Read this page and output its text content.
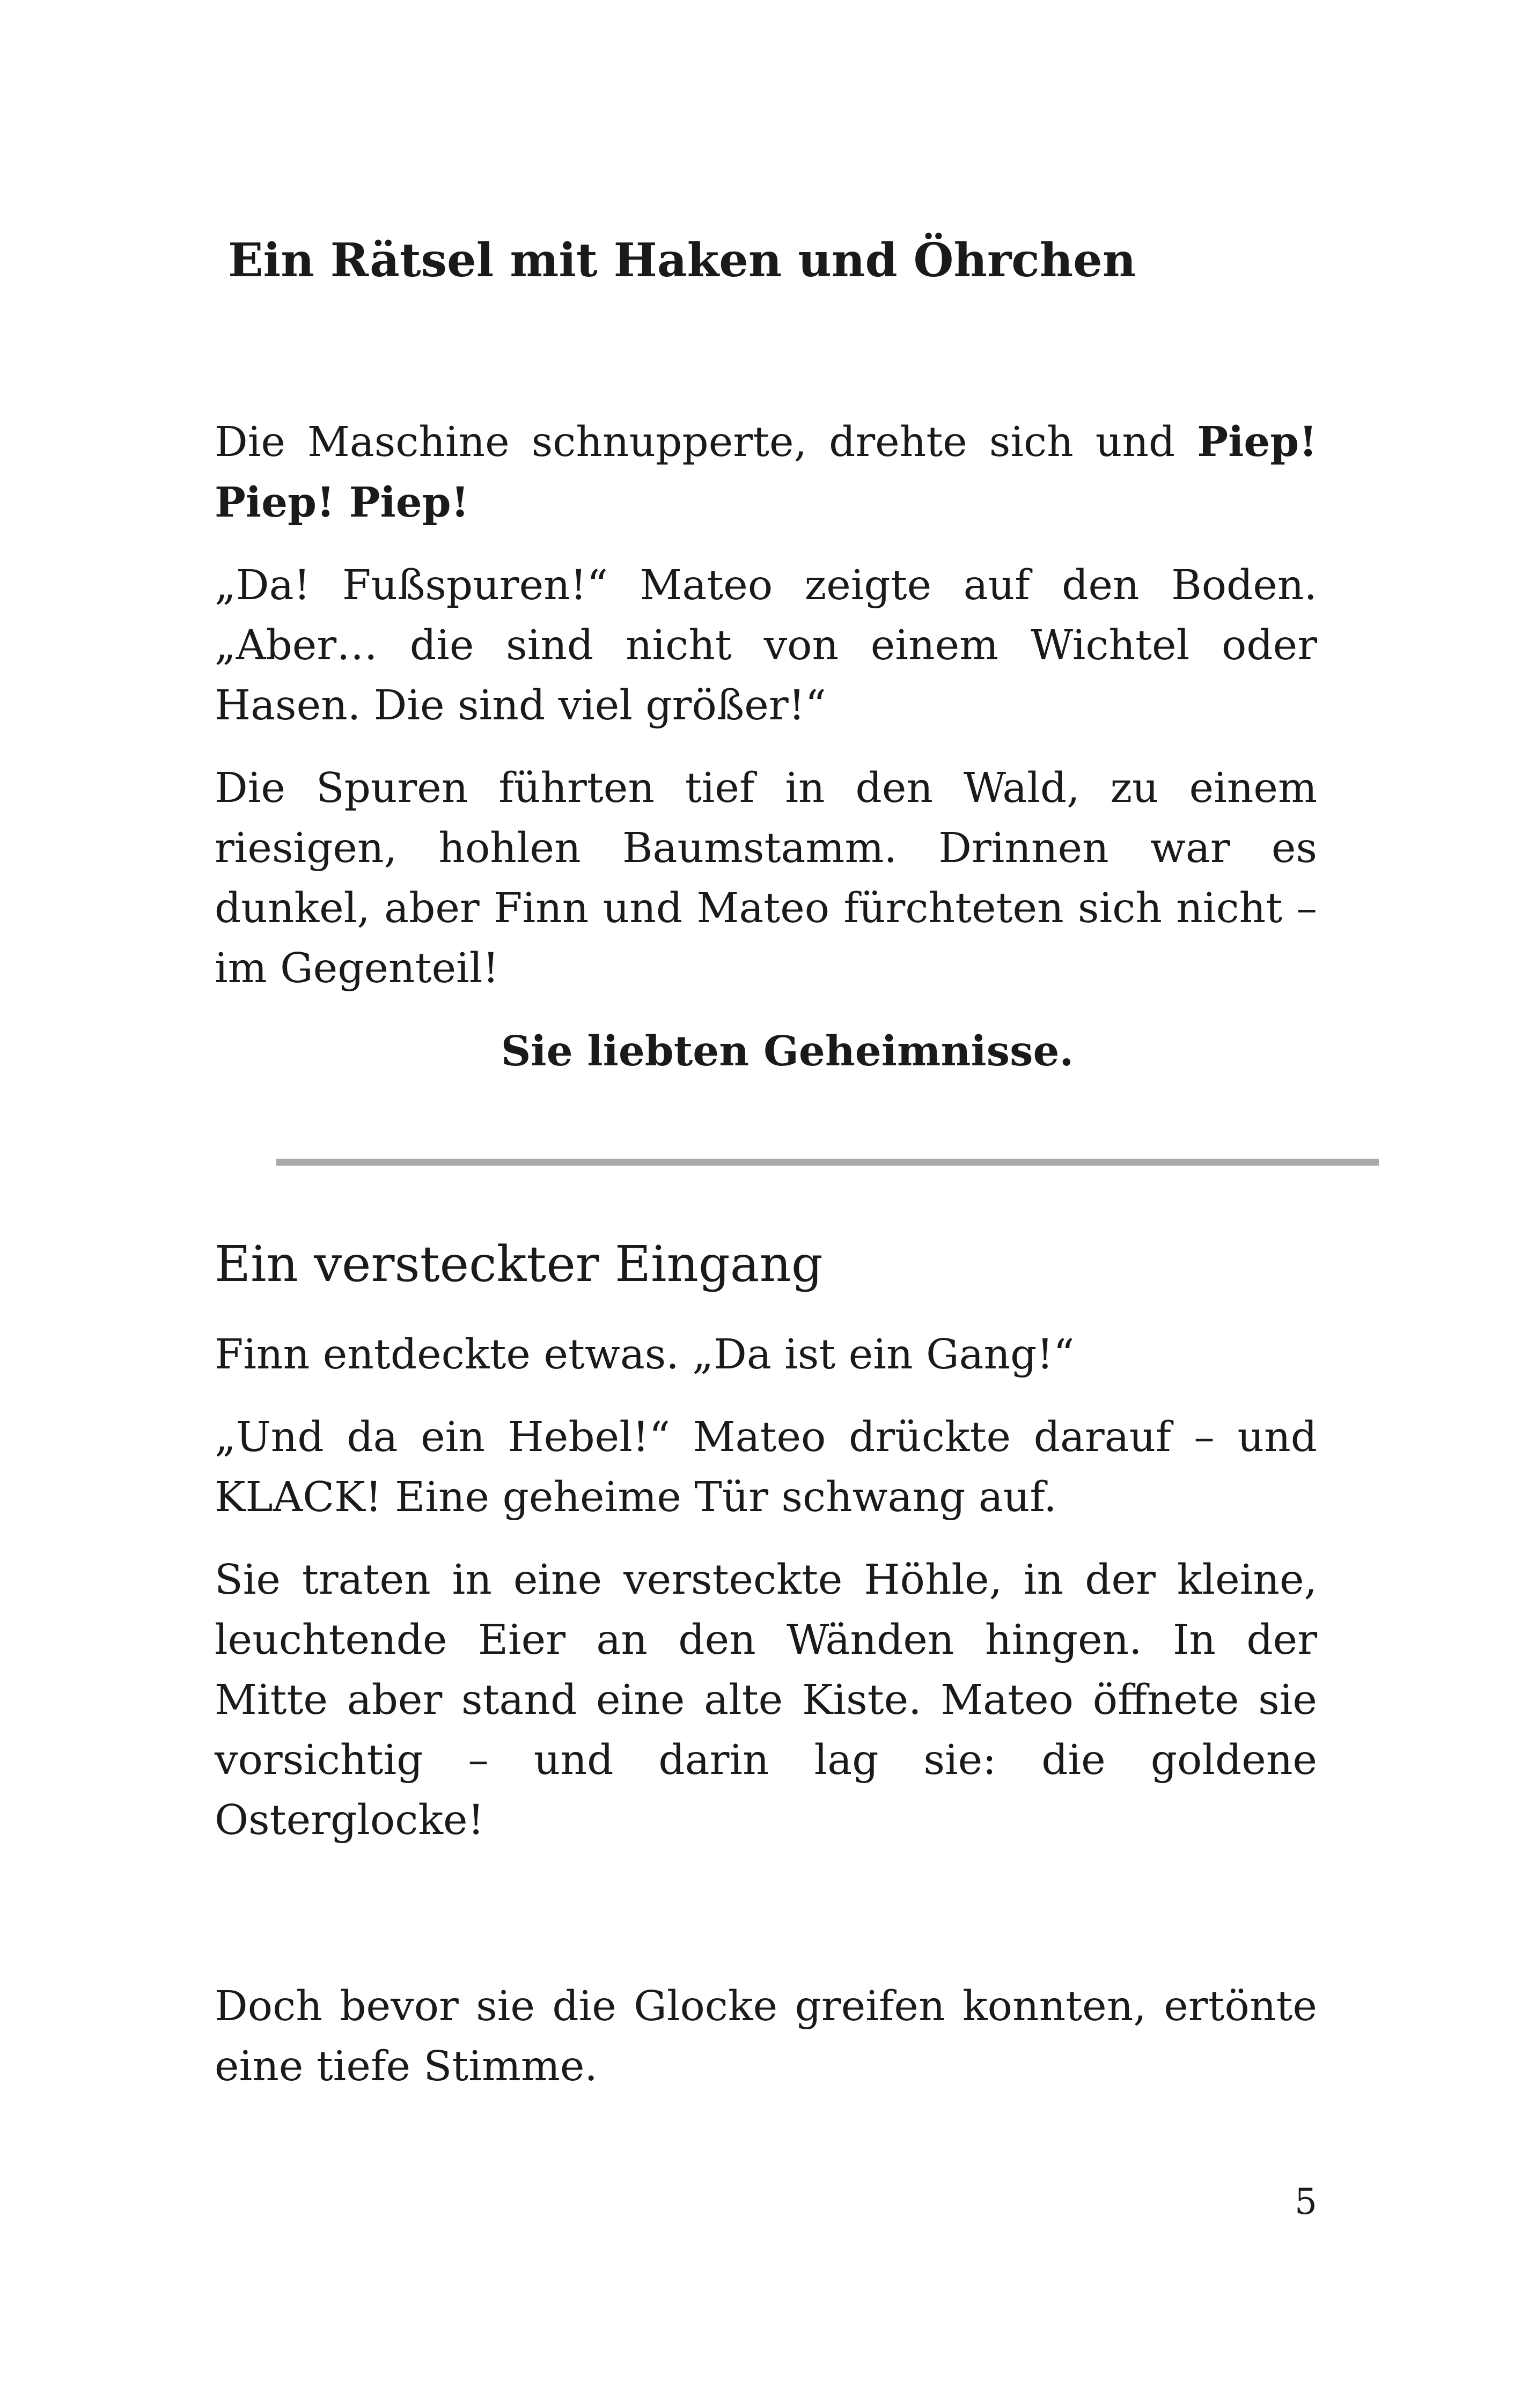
Ein Rätsel mit Haken und Öhrchen

Die Maschine schnupperte, drehte sich und Piep! Piep! Piep!

„Da! Fußspuren!“ Mateo zeigte auf den Boden. „Aber… die sind nicht von einem Wichtel oder Hasen. Die sind viel größer!“

Die Spuren führten tief in den Wald, zu einem riesigen, hohlen Baumstamm. Drinnen war es dunkel, aber Finn und Mateo fürchteten sich nicht – im Gegenteil!

Sie liebten Geheimnisse.

Ein versteckter Eingang

Finn entdeckte etwas. „Da ist ein Gang!“

„Und da ein Hebel!“ Mateo drückte darauf – und KLACK! Eine geheime Tür schwang auf.

Sie traten in eine versteckte Höhle, in der kleine, leuchtende Eier an den Wänden hingen. In der Mitte aber stand eine alte Kiste. Mateo öffnete sie vorsichtig – und darin lag sie: die goldene Osterglocke!

Doch bevor sie die Glocke greifen konnten, ertönte eine tiefe Stimme.

5
